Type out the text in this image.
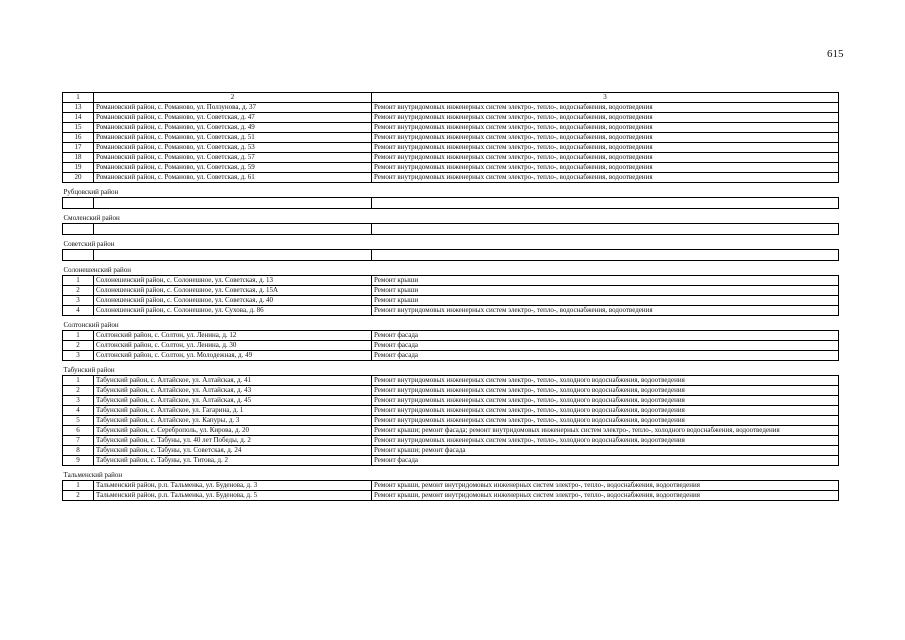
615
1	2	3
13	Романовский район, с. Романово, ул. Ползунова, д. 37	Ремонт внутридомовых инженерных систем электро-, тепло-, водоснабжения, водоотведения
14	Романовский район, с. Романово, ул. Советская, д. 47	Ремонт внутридомовых инженерных систем электро-, тепло-, водоснабжения, водоотведения
15	Романовский район, с. Романово, ул. Советская, д. 49	Ремонт внутридомовых инженерных систем электро-, тепло-, водоснабжения, водоотведения
16	Романовский район, с. Романово, ул. Советская, д. 51	Ремонт внутридомовых инженерных систем электро-, тепло-, водоснабжения, водоотведения
17	Романовский район, с. Романово, ул. Советская, д. 53	Ремонт внутридомовых инженерных систем электро-, тепло-, водоснабжения, водоотведения
18	Романовский район, с. Романово, ул. Советская, д. 57	Ремонт внутридомовых инженерных систем электро-, тепло-, водоснабжения, водоотведения
19	Романовский район, с. Романово, ул. Советская, д. 59	Ремонт внутридомовых инженерных систем электро-, тепло-, водоснабжения, водоотведения
20	Романовский район, с. Романово, ул. Советская, д. 61	Ремонт внутридомовых инженерных систем электро-, тепло-, водоснабжения, водоотведения
Рубцовский район		

Смоленский район		

Советский район		

Солонешенский район		
1	Солонешенский район, с. Солонешное, ул. Советская, д. 13	Ремонт крыши
2	Солонешенский район, с. Солонешное, ул. Советская, д. 15А	Ремонт крыши
3	Солонешенский район, с. Солонешное, ул. Советская, д. 40	Ремонт крыши
4	Солонешенский район, с. Солонешное, ул. Сухова, д. 86	Ремонт внутридомовых инженерных систем электро-, тепло-, водоснабжения, водоотведения
Солтонский район		
1	Солтонский район, с. Солтон, ул. Ленина, д. 12	Ремонт фасада
2	Солтонский район, с. Солтон, ул. Ленина, д. 30	Ремонт фасада
3	Солтонский район, с. Солтон, ул. Молодежная, д. 49	Ремонт фасада
Табунский район		
1	Табунский район, с. Алтайское, ул. Алтайская, д. 41	Ремонт внутридомовых инженерных систем электро-, тепло-, холодного водоснабжения, водоотведения
2	Табунский район, с. Алтайское, ул. Алтайская, д. 43	Ремонт внутридомовых инженерных систем электро-, тепло-, холодного водоснабжения, водоотведения
3	Табунский район, с. Алтайское, ул. Алтайская, д. 45	Ремонт внутридомовых инженерных систем электро-, тепло-, холодного водоснабжения, водоотведения
4	Табунский район, с. Алтайское, ул. Гагарина, д. 1	Ремонт внутридомовых инженерных систем электро-, тепло-, холодного водоснабжения, водоотведения
5	Табунский район, с. Алтайское, ул. Капуры, д. 3	Ремонт внутридомовых инженерных систем электро-, тепло-, холодного водоснабжения, водоотведения
6	Табунский район, с. Сереброполь, ул. Кирова, д. 20	Ремонт крыши; ремонт фасада; ремонт внутридомовых инженерных систем электро-, тепло-, холодного водоснабжения, водоотведения
7	Табунский район, с. Табуны, ул. 40 лет Победы, д. 2	Ремонт внутридомовых инженерных систем электро-, тепло-, холодного водоснабжения, водоотведения
8	Табунский район, с. Табуны, ул. Советская, д. 24	Ремонт крыши; ремонт фасада
9	Табунский район, с. Табуны, ул. Титова, д. 2	Ремонт фасада
Тальменский район		
1	Тальменский район, р.п. Тальменка, ул. Буденова, д. 3	Ремонт крыши, ремонт внутридомовых инженерных систем электро-, тепло-, водоснабжения, водоотведения
2	Тальменский район, р.п. Тальменка, ул. Буденова, д. 5	Ремонт крыши, ремонт внутридомовых инженерных систем электро-, тепло-, водоснабжения, водоотведения
